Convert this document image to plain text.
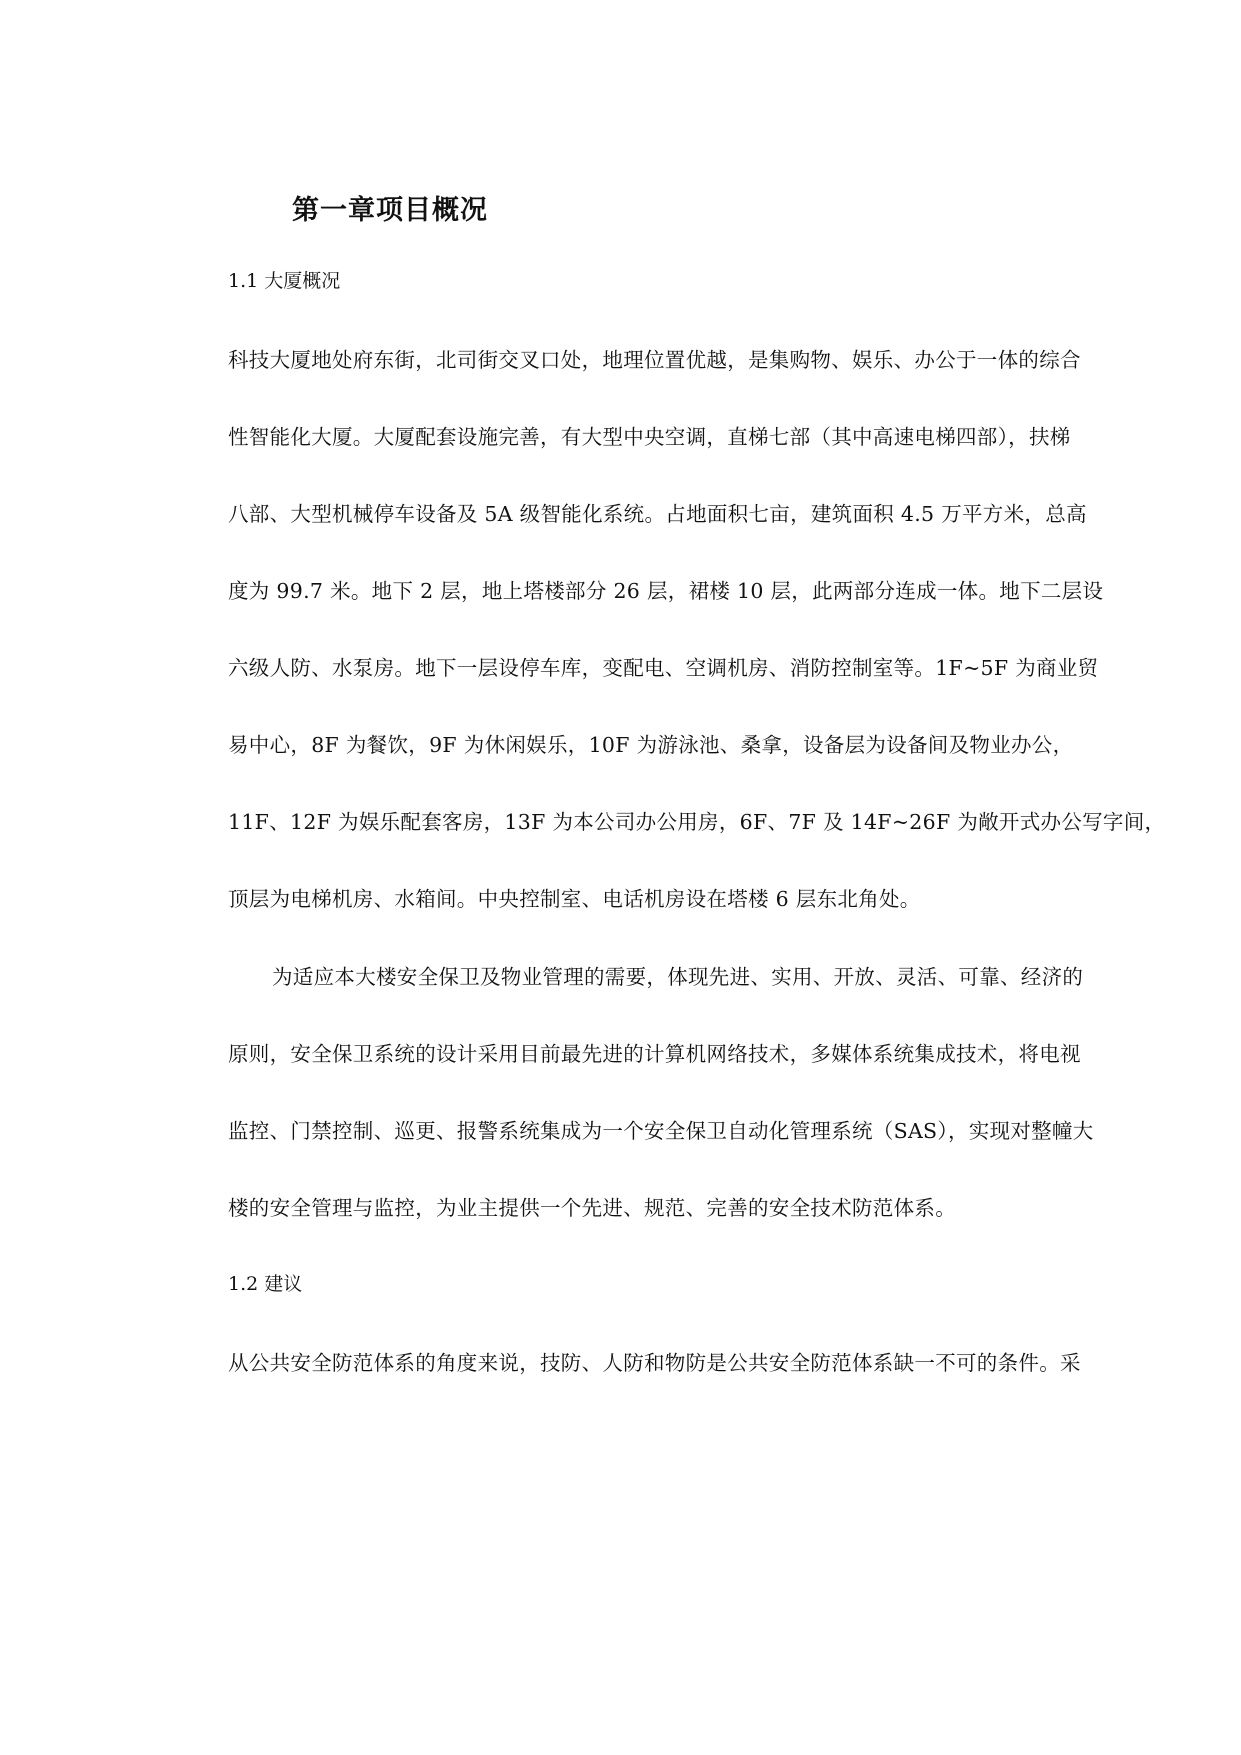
第一章项目概况
1.1 大厦概况
科技大厦地处府东街，北司街交叉口处，地理位置优越，是集购物、娱乐、办公于一体的综合
性智能化大厦。大厦配套设施完善，有大型中央空调，直梯七部（其中高速电梯四部），扶梯
八部、大型机械停车设备及 5A 级智能化系统。占地面积七亩，建筑面积 4.5 万平方米，总高
度为 99.7 米。地下 2 层，地上塔楼部分 26 层，裙楼 10 层，此两部分连成一体。地下二层设
六级人防、水泵房。地下一层设停车库，变配电、空调机房、消防控制室等。1F~5F 为商业贸
易中心，8F 为餐饮，9F 为休闲娱乐，10F 为游泳池、桑拿，设备层为设备间及物业办公，
11F、12F 为娱乐配套客房，13F 为本公司办公用房，6F、7F 及 14F~26F 为敞开式办公写字间，
顶层为电梯机房、水箱间。中央控制室、电话机房设在塔楼 6 层东北角处。
为适应本大楼安全保卫及物业管理的需要，体现先进、实用、开放、灵活、可靠、经济的
原则，安全保卫系统的设计采用目前最先进的计算机网络技术，多媒体系统集成技术，将电视
监控、门禁控制、巡更、报警系统集成为一个安全保卫自动化管理系统（SAS），实现对整幢大
楼的安全管理与监控，为业主提供一个先进、规范、完善的安全技术防范体系。
1.2 建议
从公共安全防范体系的角度来说，技防、人防和物防是公共安全防范体系缺一不可的条件。采
